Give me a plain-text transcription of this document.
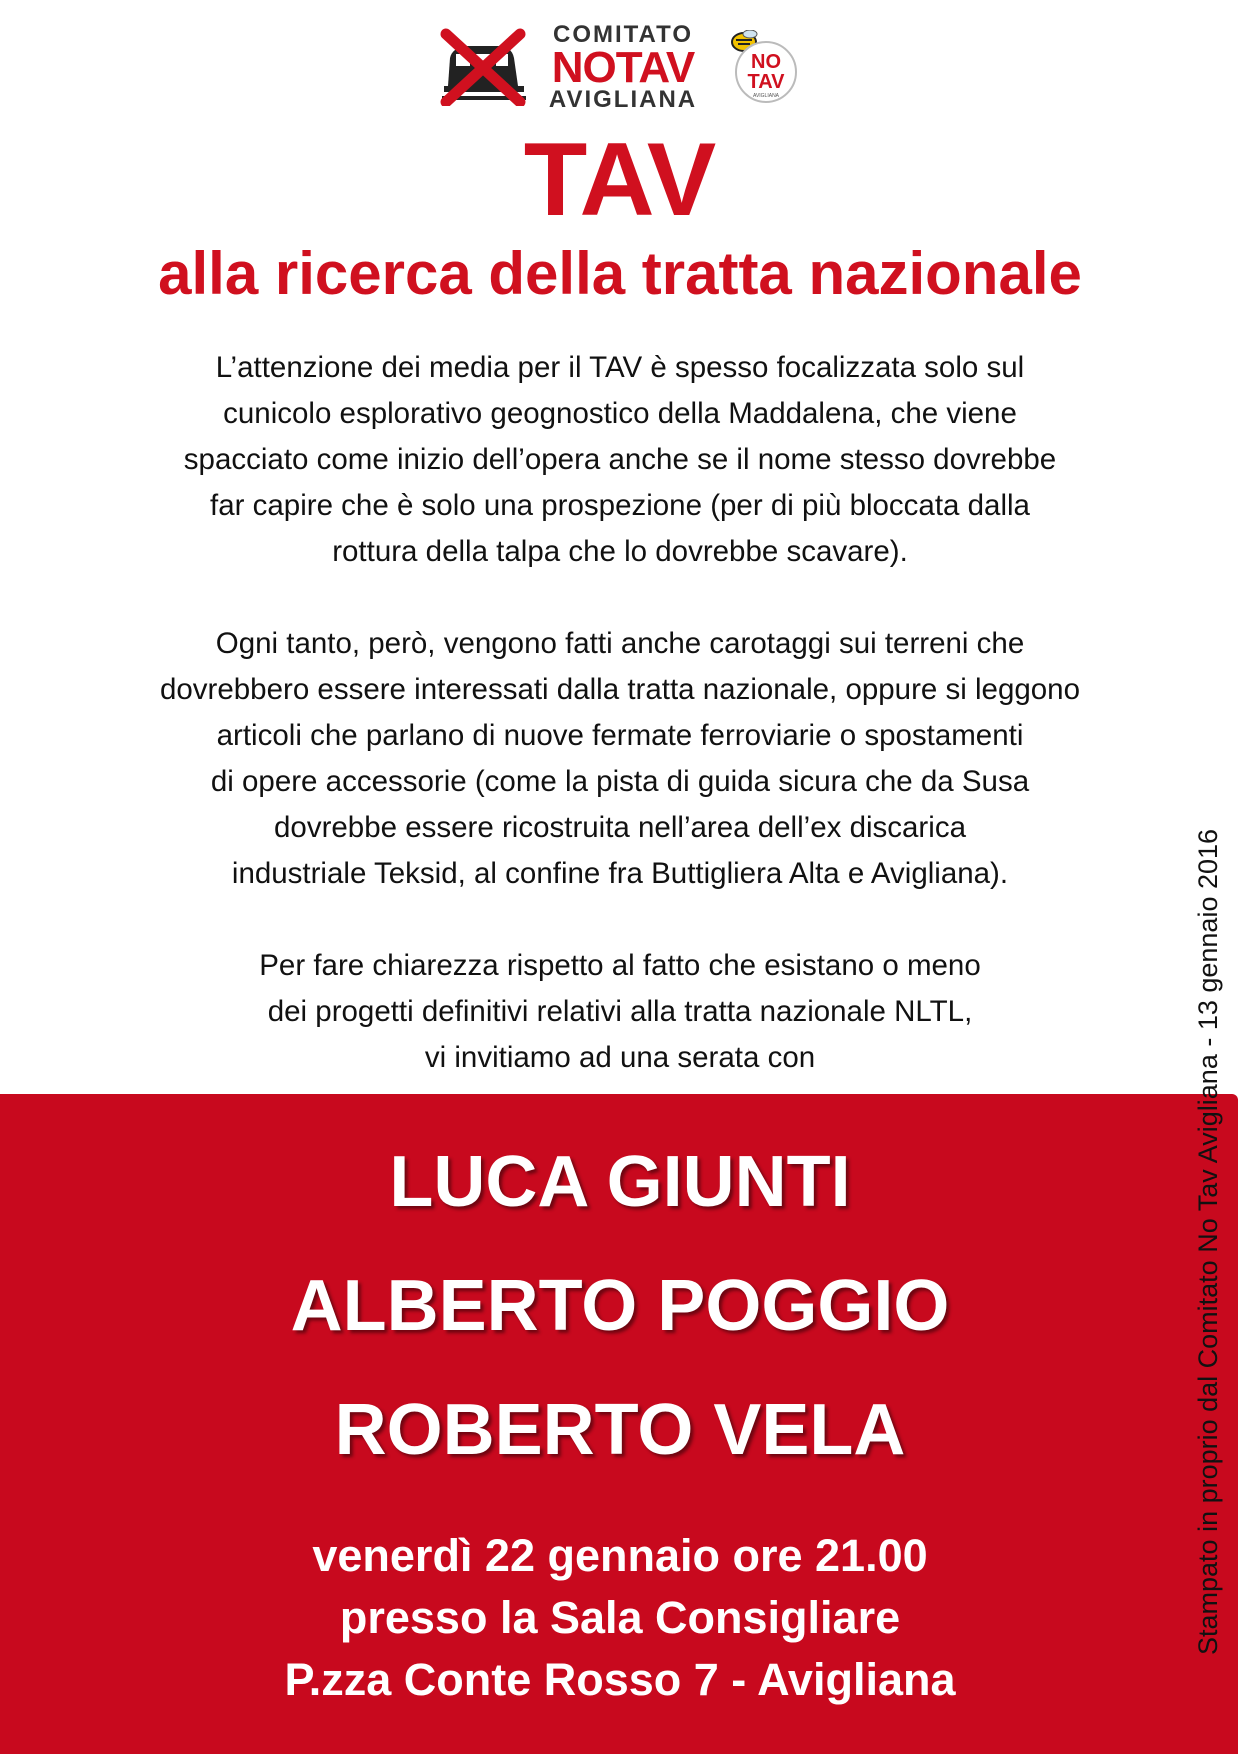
COMITATO
NOTAV
AVIGLIANA
NO
TAV
AVIGLIANA
TAV
alla ricerca della tratta nazionale

L’attenzione dei media per il TAV è spesso focalizzata solo sul
cunicolo esplorativo geognostico della Maddalena, che viene
spacciato come inizio dell’opera anche se il nome stesso dovrebbe
far capire che è solo una prospezione (per di più bloccata dalla
rottura della talpa che lo dovrebbe scavare).

Ogni tanto, però, vengono fatti anche carotaggi sui terreni che
dovrebbero essere interessati dalla tratta nazionale, oppure si leggono
articoli che parlano di nuove fermate ferroviarie o spostamenti
di opere accessorie (come la pista di guida sicura che da Susa
dovrebbe essere ricostruita nell’area dell’ex discarica
industriale Teksid, al confine fra Buttigliera Alta e Avigliana).

Per fare chiarezza rispetto al fatto che esistano o meno
dei progetti definitivi relativi alla tratta nazionale NLTL,
vi invitiamo ad una serata con

LUCA GIUNTI
ALBERTO POGGIO
ROBERTO VELA
venerdì 22 gennaio ore 21.00
presso la Sala Consigliare
P.zza Conte Rosso 7 - Avigliana
Stampato in proprio dal Comitato No Tav Avigliana - 13 gennaio 2016
